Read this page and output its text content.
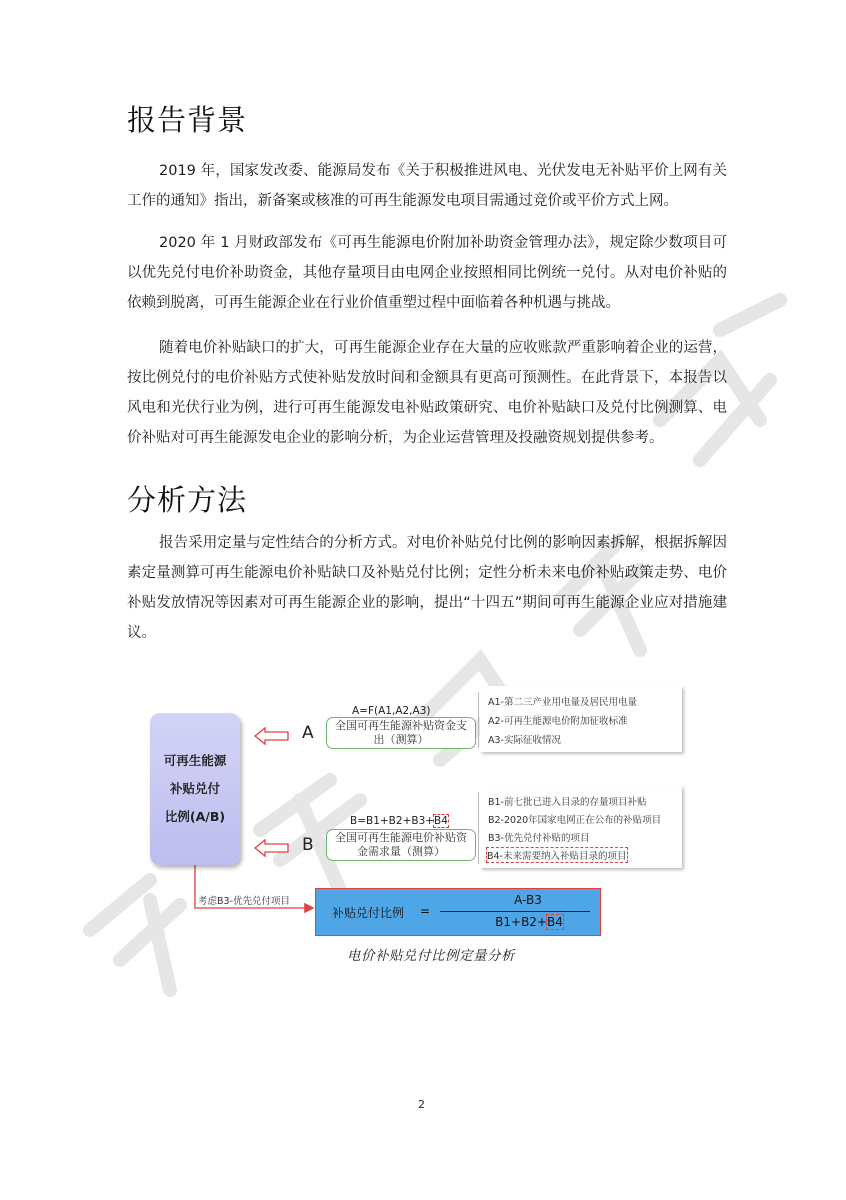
报告背景

2019 年，国家发改委、能源局发布《关于积极推进风电、光伏发电无补贴平价上网有关工作的通知》指出，新备案或核准的可再生能源发电项目需通过竞价或平价方式上网。

2020 年 1 月财政部发布《可再生能源电价附加补助资金管理办法》，规定除少数项目可以优先兑付电价补助资金，其他存量项目由电网企业按照相同比例统一兑付。从对电价补贴的依赖到脱离，可再生能源企业在行业价值重塑过程中面临着各种机遇与挑战。

随着电价补贴缺口的扩大，可再生能源企业存在大量的应收账款严重影响着企业的运营，按比例兑付的电价补贴方式使补贴发放时间和金额具有更高可预测性。在此背景下，本报告以风电和光伏行业为例，进行可再生能源发电补贴政策研究、电价补贴缺口及兑付比例测算、电价补贴对可再生能源发电企业的影响分析，为企业运营管理及投融资规划提供参考。

分析方法

报告采用定量与定性结合的分析方式。对电价补贴兑付比例的影响因素拆解，根据拆解因素定量测算可再生能源电价补贴缺口及补贴兑付比例；定性分析未来电价补贴政策走势、电价补贴发放情况等因素对可再生能源企业的影响，提出“十四五”期间可再生能源企业应对措施建议。

可再生能源
补贴兑付
比例(A/B)
A
A=F(A1,A2,A3)
全国可再生能源补贴资金支出（测算）
A1-第二三产业用电量及居民用电量
A2-可再生能源电价附加征收标准
A3-实际征收情况
B
B=B1+B2+B3+B4
全国可再生能源电价补贴资金需求量（测算）
B1-前七批已进入目录的存量项目补贴
B2-2020年国家电网正在公布的补贴项目
B3-优先兑付补贴的项目
B4-未来需要纳入补贴目录的项目
考虑B3-优先兑付项目
补贴兑付比例 =
A-B3
B1+B2+B4
电价补贴兑付比例定量分析
2
